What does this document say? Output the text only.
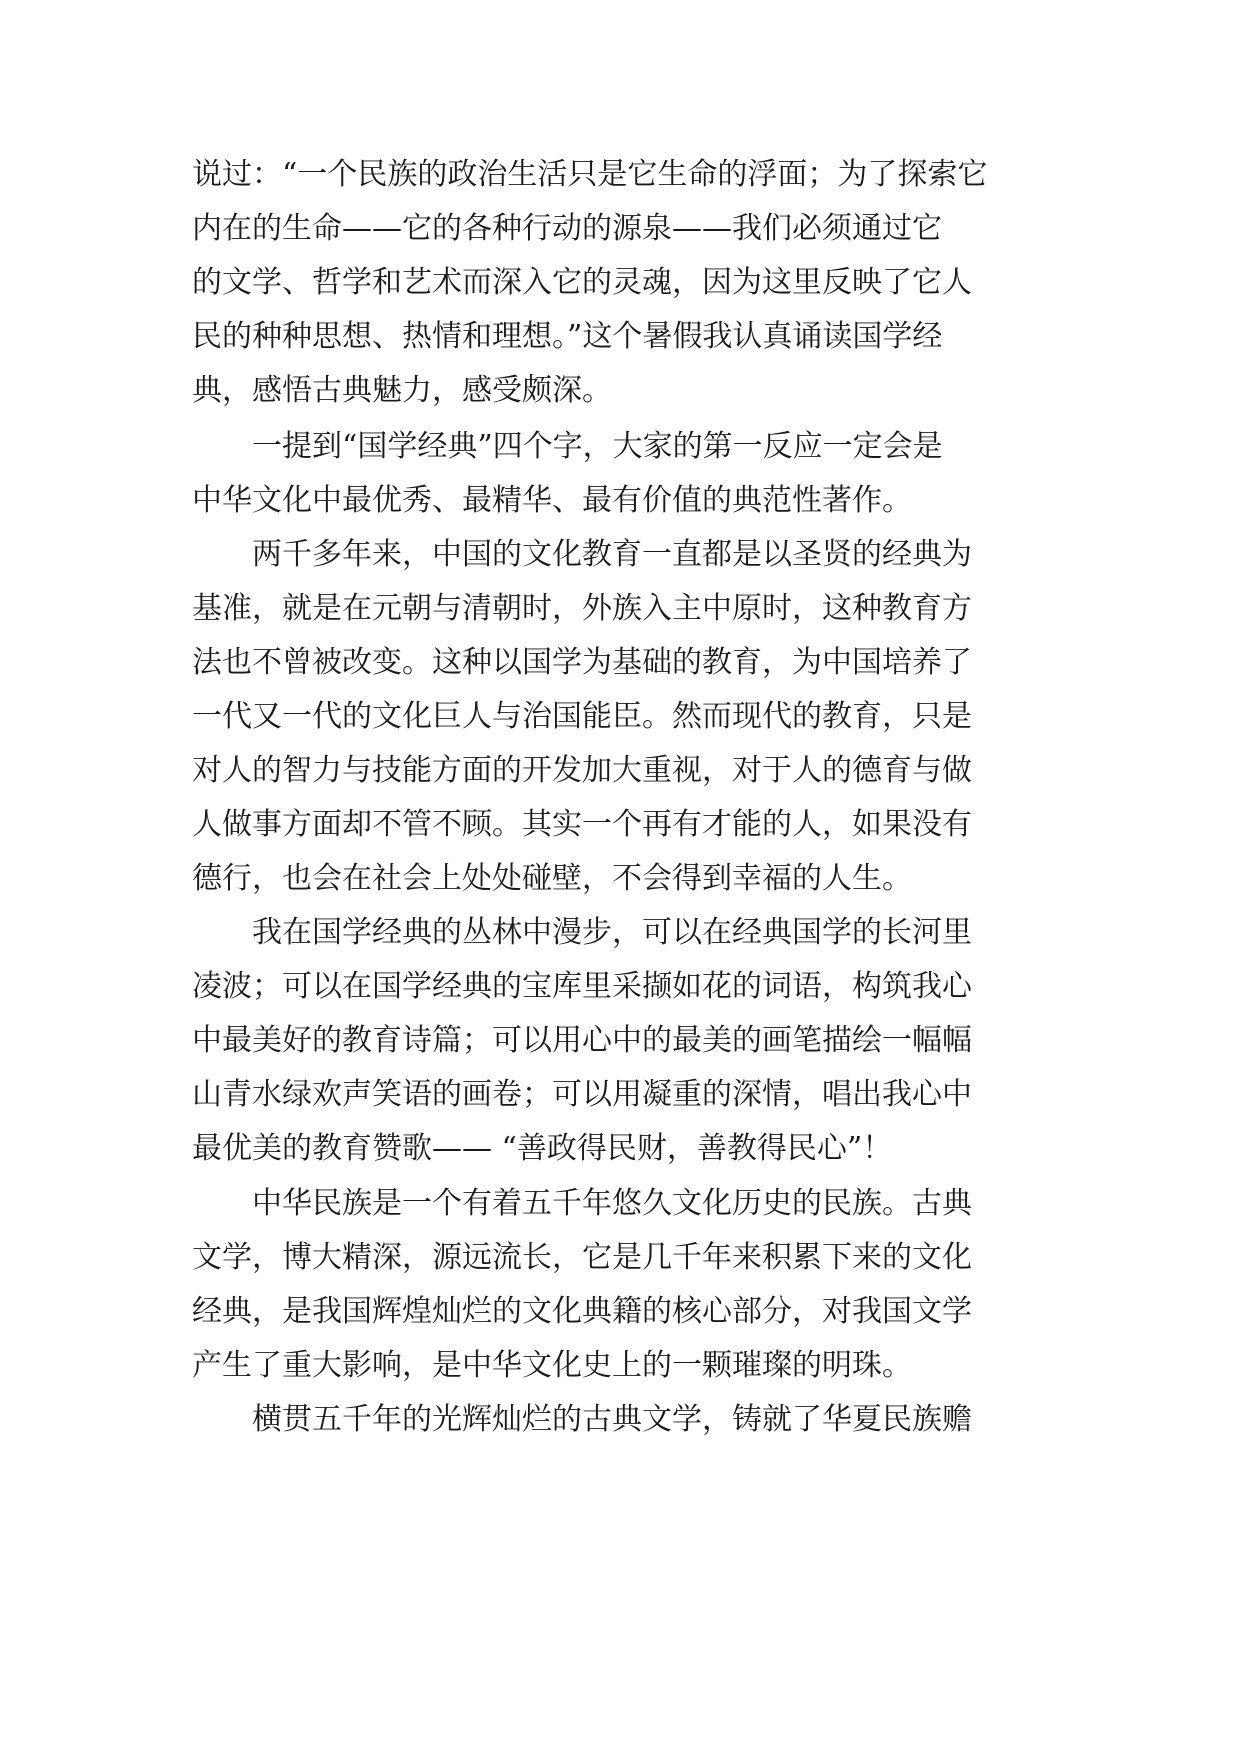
说过：“一个民族的政治生活只是它生命的浮面；为了探索它
内在的生命——它的各种行动的源泉——我们必须通过它
的文学、哲学和艺术而深入它的灵魂，因为这里反映了它人
民的种种思想、热情和理想。”这个暑假我认真诵读国学经
典，感悟古典魅力，感受颇深。
一提到“国学经典”四个字，大家的第一反应一定会是
中华文化中最优秀、最精华、最有价值的典范性著作。
两千多年来，中国的文化教育一直都是以圣贤的经典为
基准，就是在元朝与清朝时，外族入主中原时，这种教育方
法也不曾被改变。这种以国学为基础的教育，为中国培养了
一代又一代的文化巨人与治国能臣。然而现代的教育，只是
对人的智力与技能方面的开发加大重视，对于人的德育与做
人做事方面却不管不顾。其实一个再有才能的人，如果没有
德行，也会在社会上处处碰壁，不会得到幸福的人生。
我在国学经典的丛林中漫步，可以在经典国学的长河里
凌波；可以在国学经典的宝库里采撷如花的词语，构筑我心
中最美好的教育诗篇；可以用心中的最美的画笔描绘一幅幅
山青水绿欢声笑语的画卷；可以用凝重的深情，唱出我心中
最优美的教育赞歌—— “善政得民财，善教得民心”！
中华民族是一个有着五千年悠久文化历史的民族。古典
文学，博大精深，源远流长，它是几千年来积累下来的文化
经典，是我国辉煌灿烂的文化典籍的核心部分，对我国文学
产生了重大影响，是中华文化史上的一颗璀璨的明珠。
横贯五千年的光辉灿烂的古典文学，铸就了华夏民族赡
